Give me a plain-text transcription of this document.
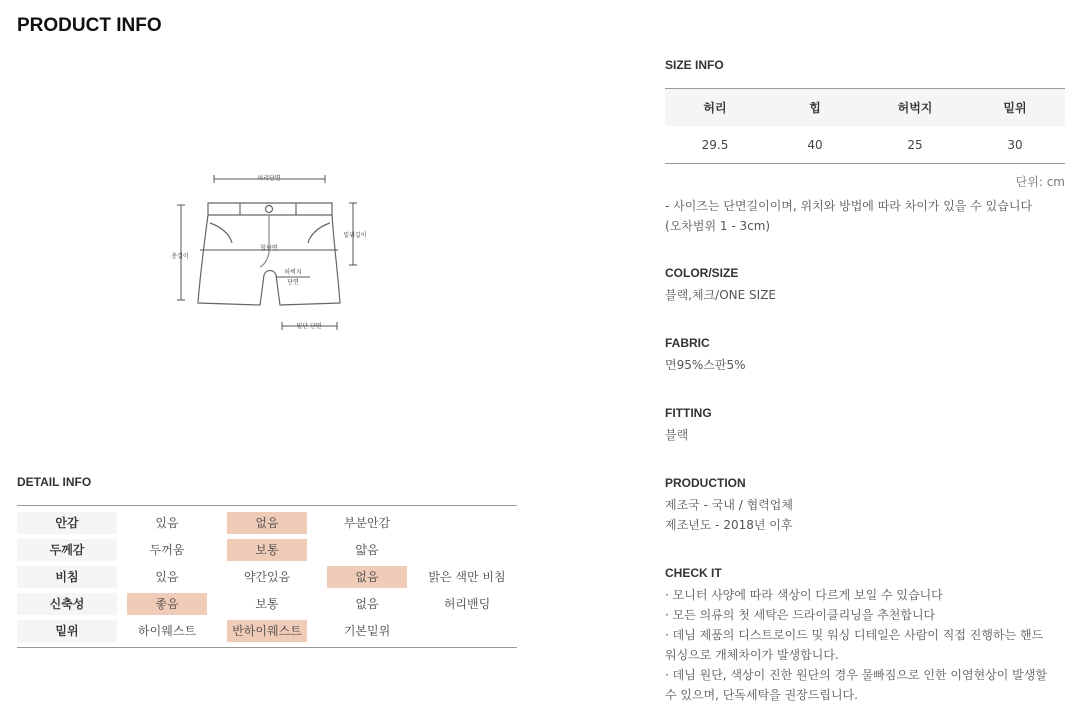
PRODUCT INFO
허리단면
총길이
밑위길이
힙단면
허벅지
단면
밑단 단면
DETAIL INFO
안감	있음	없음	부분안감
두께감	두꺼움	보통	얇음
비침	있음	약간있음	없음	밝은 색만 비침
신축성	좋음	보통	없음	허리밴딩
밑위	하이웨스트	반하이웨스트	기본밑위
SIZE INFO
허리	힙	허벅지	밑위
29.5	40	25	30
단위: cm
- 사이즈는 단면길이이며, 위치와 방법에 따라 차이가 있을 수 있습니다
(오차범위 1 - 3cm)
COLOR/SIZE
블랙,체크/ONE SIZE
FABRIC
면95%스판5%
FITTING
블랙
PRODUCTION
제조국 - 국내 / 협력업체
제조년도 - 2018년 이후
CHECK IT
· 모니터 사양에 따라 색상이 다르게 보일 수 있습니다
· 모든 의류의 첫 세탁은 드라이클리닝을 추천합니다
· 데님 제품의 디스트로이드 및 워싱 디테일은 사람이 직접 진행하는 핸드
워싱으로 개체차이가 발생합니다.
· 데님 원단, 색상이 진한 원단의 경우 물빠짐으로 인한 이염현상이 발생할
수 있으며, 단독세탁을 권장드립니다.
